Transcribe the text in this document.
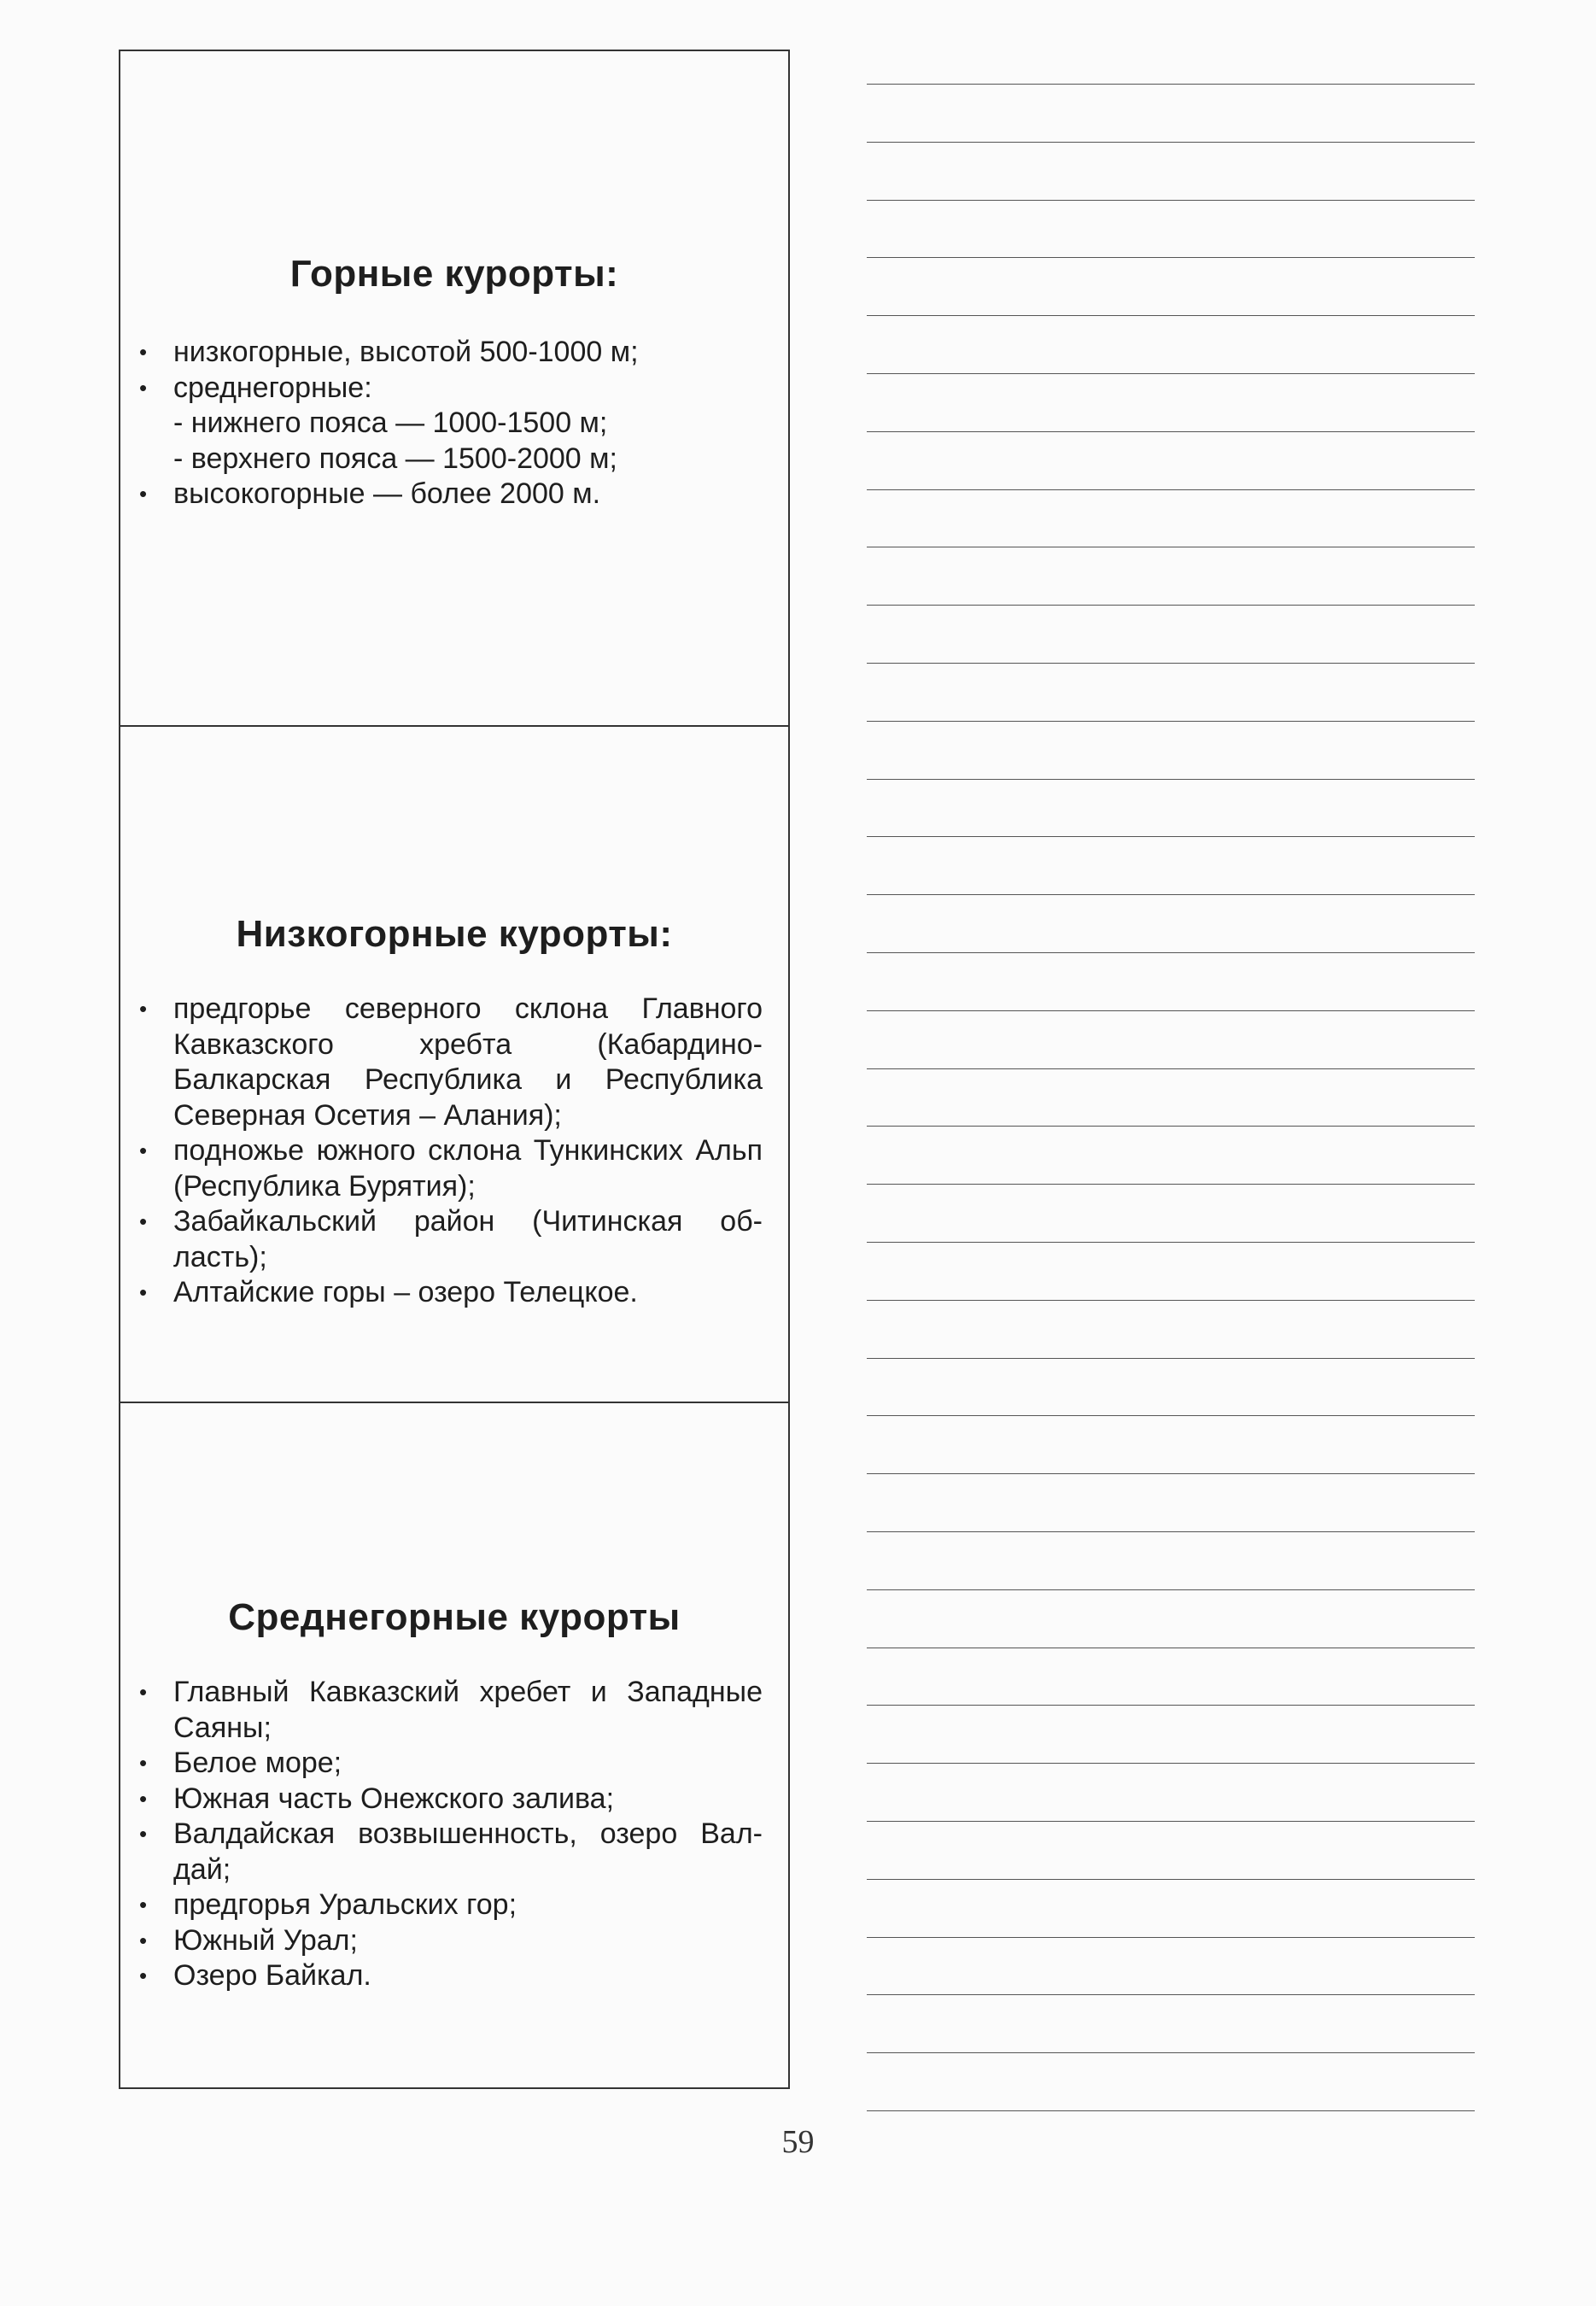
Горные курорты:
• низкогорные, высотой 500-1000 м;
• среднегорные:
- нижнего пояса — 1000-1500 м;
- верхнего пояса — 1500-2000 м;
• высокогорные — более 2000 м.
Низкогорные курорты:
• предгорье северного склона Главного Кавказского хребта (Кабардино-Балкарская Республика и Республика Северная Осетия – Алания);
• подножье южного склона Тункинских Альп (Республика Бурятия);
• Забайкальский район (Читинская об-ласть);
• Алтайские горы – озеро Телецкое.
Среднегорные курорты
• Главный Кавказский хребет и Западные Саяны;
• Белое море;
• Южная часть Онежского залива;
• Валдайская возвышенность, озеро Вал-дай;
• предгорья Уральских гор;
• Южный Урал;
• Озеро Байкал.
59
